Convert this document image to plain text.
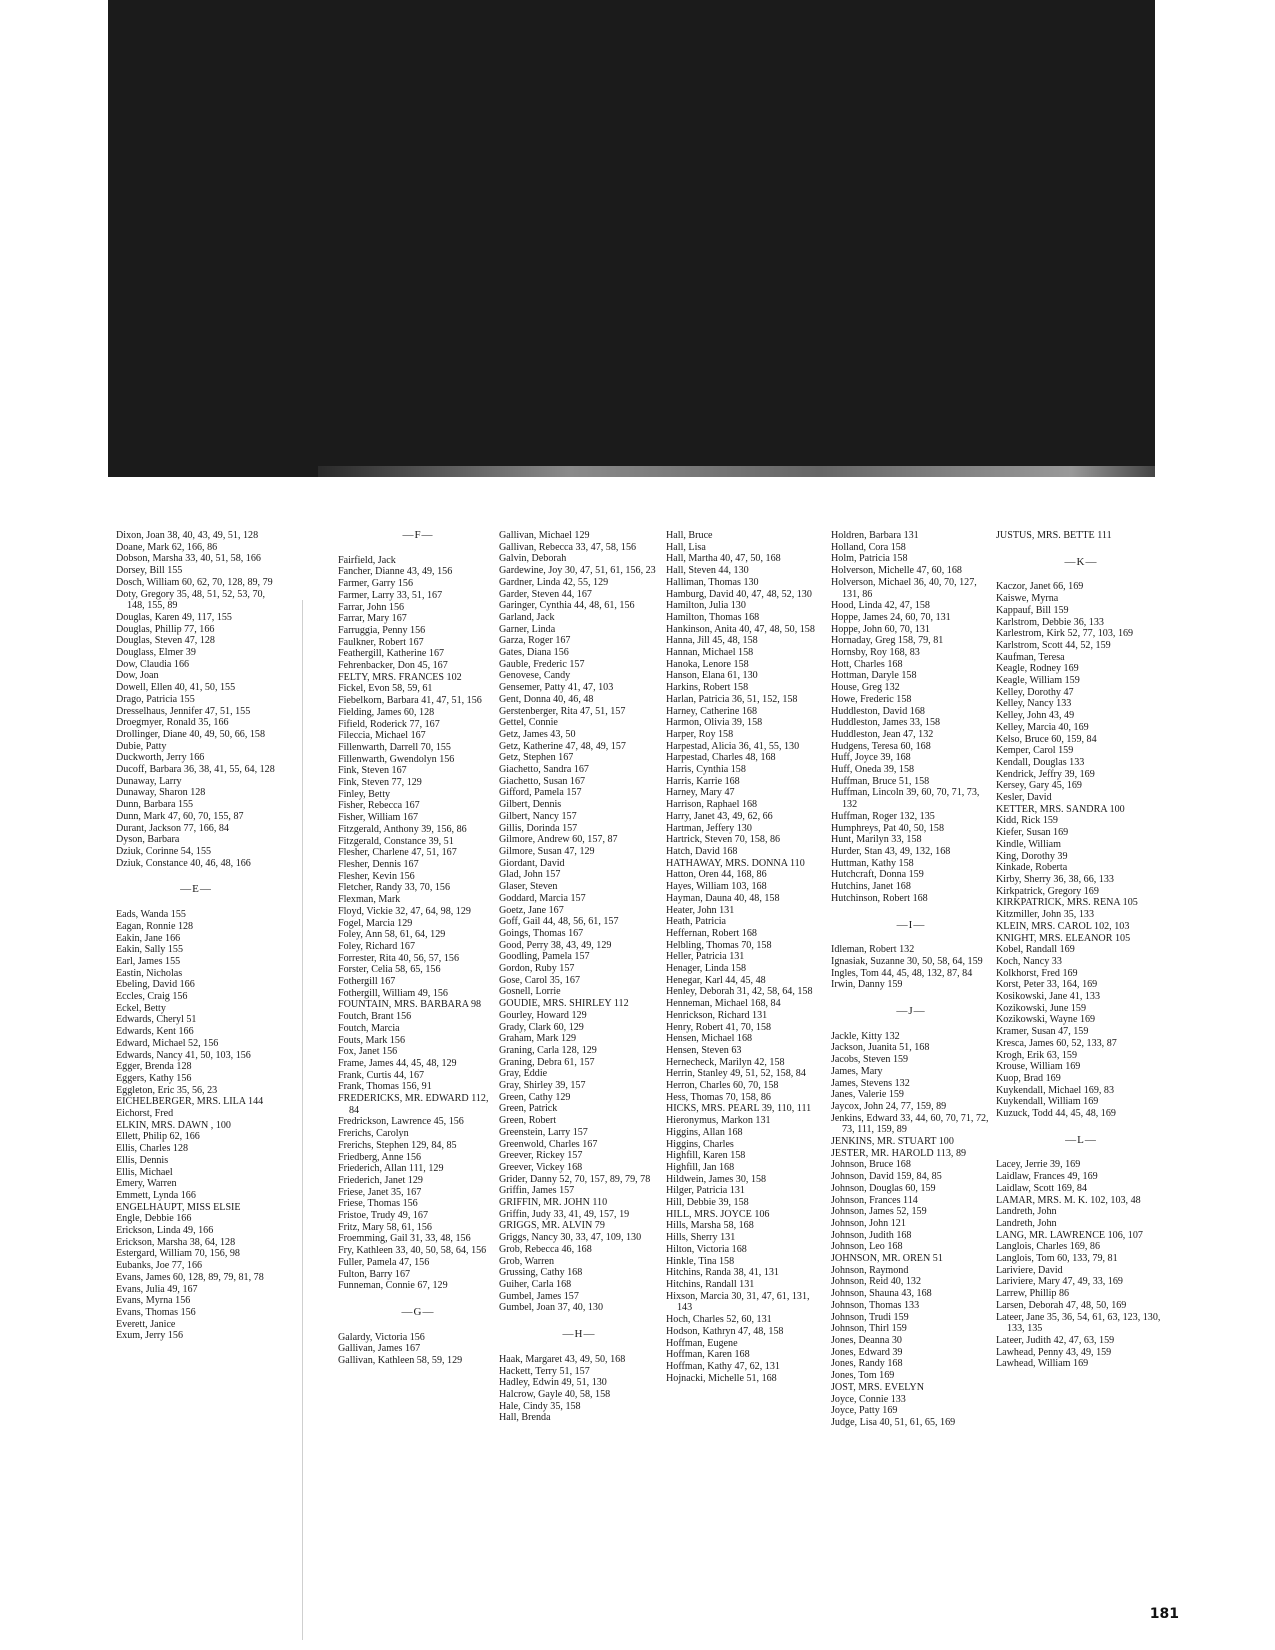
Dixon, Joan 38, 40, 43, 49, 51, 128
Doane, Mark 62, 166, 86
Dobson, Marsha 33, 40, 51, 58, 166
Dorsey, Bill 155
Dosch, William 60, 62, 70, 128, 89, 79
Doty, Gregory 35, 48, 51, 52, 53, 70, 148, 155, 89
Douglas, Karen 49, 117, 155
Douglas, Phillip 77, 166
Douglas, Steven 47, 128
Douglass, Elmer 39
Dow, Claudia 166
Dow, Joan
Dowell, Ellen 40, 41, 50, 155
Drago, Patricia 155
Dresselhaus, Jennifer 47, 51, 155
Droegmyer, Ronald 35, 166
Drollinger, Diane 40, 49, 50, 66, 158
Dubie, Patty
Duckworth, Jerry 166
Ducoff, Barbara 36, 38, 41, 55, 64, 128
Dunaway, Larry
Dunaway, Sharon 128
Dunn, Barbara 155
Dunn, Mark 47, 60, 70, 155, 87
Durant, Jackson 77, 166, 84
Dyson, Barbara
Dziuk, Corinne 54, 155
Dziuk, Constance 40, 46, 48, 166
—E—
Eads, Wanda 155
Eagan, Ronnie 128
Eakin, Jane 166
Eakin, Sally 155
Earl, James 155
Eastin, Nicholas
Ebeling, David 166
Eccles, Craig 156
Eckel, Betty
Edwards, Cheryl 51
Edwards, Kent 166
Edward, Michael 52, 156
Edwards, Nancy 41, 50, 103, 156
Egger, Brenda 128
Eggers, Kathy 156
Eggleton, Eric 35, 56, 23
EICHELBERGER, MRS. LILA 144
Eichorst, Fred
ELKIN, MRS. DAWN , 100
Ellett, Philip 62, 166
Ellis, Charles 128
Ellis, Dennis
Ellis, Michael
Emery, Warren
Emmett, Lynda 166
ENGELHAUPT, MISS ELSIE
Engle, Debbie 166
Erickson, Linda 49, 166
Erickson, Marsha 38, 64, 128
Estergard, William 70, 156, 98
Eubanks, Joe 77, 166
Evans, James 60, 128, 89, 79, 81, 78
Evans, Julia 49, 167
Evans, Myrna 156
Evans, Thomas 156
Everett, Janice
Exum, Jerry 156
—F—
Fairfield, Jack
Fancher, Dianne 43, 49, 156
Farmer, Garry 156
Farmer, Larry 33, 51, 167
Farrar, John 156
Farrar, Mary 167
Farruggia, Penny 156
Faulkner, Robert 167
Feathergill, Katherine 167
Fehrenbacker, Don 45, 167
FELTY, MRS. FRANCES 102
Fickel, Evon 58, 59, 61
Fiebelkorn, Barbara 41, 47, 51, 156
Fielding, James 60, 128
Fifield, Roderick 77, 167
Fileccia, Michael 167
Fillenwarth, Darrell 70, 155
Fillenwarth, Gwendolyn 156
Fink, Steven 167
Fink, Steven 77, 129
Finley, Betty
Fisher, Rebecca 167
Fisher, William 167
Fitzgerald, Anthony 39, 156, 86
Fitzgerald, Constance 39, 51
Flesher, Charlene 47, 51, 167
Flesher, Dennis 167
Flesher, Kevin 156
Fletcher, Randy 33, 70, 156
Flexman, Mark
Floyd, Vickie 32, 47, 64, 98, 129
Fogel, Marcia 129
Foley, Ann 58, 61, 64, 129
Foley, Richard 167
Forrester, Rita 40, 56, 57, 156
Forster, Celia 58, 65, 156
Fothergill 167
Fothergill, William 49, 156
FOUNTAIN, MRS. BARBARA 98
Foutch, Brant 156
Foutch, Marcia
Fouts, Mark 156
Fox, Janet 156
Frame, James 44, 45, 48, 129
Frank, Curtis 44, 167
Frank, Thomas 156, 91
FREDERICKS, MR. EDWARD 112, 84
Fredrickson, Lawrence 45, 156
Frerichs, Carolyn
Frerichs, Stephen 129, 84, 85
Friedberg, Anne 156
Friederich, Allan 111, 129
Friederich, Janet 129
Friese, Janet 35, 167
Friese, Thomas 156
Fristoe, Trudy 49, 167
Fritz, Mary 58, 61, 156
Froemming, Gail 31, 33, 48, 156
Fry, Kathleen 33, 40, 50, 58, 64, 156
Fuller, Pamela 47, 156
Fulton, Barry 167
Funneman, Connie 67, 129
—G—
Galardy, Victoria 156
Gallivan, James 167
Gallivan, Kathleen 58, 59, 129
Gallivan, Michael 129
Gallivan, Rebecca 33, 47, 58, 156
Galvin, Deborah
Gardewine, Joy 30, 47, 51, 61, 156, 23
Gardner, Linda 42, 55, 129
Garder, Steven 44, 167
Garinger, Cynthia 44, 48, 61, 156
Garland, Jack
Garner, Linda
Garza, Roger 167
Gates, Diana 156
Gauble, Frederic 157
Genovese, Candy
Gensemer, Patty 41, 47, 103
Gent, Donna 40, 46, 48
Gerstenberger, Rita 47, 51, 157
Gettel, Connie
Getz, James 43, 50
Getz, Katherine 47, 48, 49, 157
Getz, Stephen 167
Giachetto, Sandra 167
Giachetto, Susan 167
Gifford, Pamela 157
Gilbert, Dennis
Gilbert, Nancy 157
Gillis, Dorinda 157
Gilmore, Andrew 60, 157, 87
Gilmore, Susan 47, 129
Giordant, David
Glad, John 157
Glaser, Steven
Goddard, Marcia 157
Goetz, Jane 167
Goff, Gail 44, 48, 56, 61, 157
Goings, Thomas 167
Good, Perry 38, 43, 49, 129
Goodling, Pamela 157
Gordon, Ruby 157
Gose, Carol 35, 167
Gosnell, Lorrie
GOUDIE, MRS. SHIRLEY 112
Gourley, Howard 129
Grady, Clark 60, 129
Graham, Mark 129
Graning, Carla 128, 129
Graning, Debra 61, 157
Gray, Eddie
Gray, Shirley 39, 157
Green, Cathy 129
Green, Patrick
Green, Robert
Greenstein, Larry 157
Greenwold, Charles 167
Greever, Rickey 157
Greever, Vickey 168
Grider, Danny 52, 70, 157, 89, 79, 78
Griffin, James 157
GRIFFIN, MR. JOHN 110
Griffin, Judy 33, 41, 49, 157, 19
GRIGGS, MR. ALVIN 79
Griggs, Nancy 30, 33, 47, 109, 130
Grob, Rebecca 46, 168
Grob, Warren
Grussing, Cathy 168
Guiher, Carla 168
Gumbel, James 157
Gumbel, Joan 37, 40, 130
—H—
Haak, Margaret 43, 49, 50, 168
Hackett, Terry 51, 157
Hadley, Edwin 49, 51, 130
Halcrow, Gayle 40, 58, 158
Hale, Cindy 35, 158
Hall, Brenda
Hall, Bruce
Hall, Lisa
Hall, Martha 40, 47, 50, 168
Hall, Steven 44, 130
Halliman, Thomas 130
Hamburg, David 40, 47, 48, 52, 130
Hamilton, Julia 130
Hamilton, Thomas 168
Hankinson, Anita 40, 47, 48, 50, 158
Hanna, Jill 45, 48, 158
Hannan, Michael 158
Hanoka, Lenore 158
Hanson, Elana 61, 130
Harkins, Robert 158
Harlan, Patricia 36, 51, 152, 158
Harney, Catherine 168
Harmon, Olivia 39, 158
Harper, Roy 158
Harpestad, Alicia 36, 41, 55, 130
Harpestad, Charles 48, 168
Harris, Cynthia 158
Harris, Karrie 168
Harney, Mary 47
Harrison, Raphael 168
Harry, Janet 43, 49, 62, 66
Hartman, Jeffery 130
Hartrick, Steven 70, 158, 86
Hatch, David 168
HATHAWAY, MRS. DONNA 110
Hatton, Oren 44, 168, 86
Hayes, William 103, 168
Hayman, Dauna 40, 48, 158
Heater, John 131
Heath, Patricia
Heffernan, Robert 168
Helbling, Thomas 70, 158
Heller, Patricia 131
Henager, Linda 158
Henegar, Karl 44, 45, 48
Henley, Deborah 31, 42, 58, 64, 158
Henneman, Michael 168, 84
Henrickson, Richard 131
Henry, Robert 41, 70, 158
Hensen, Michael 168
Hensen, Steven 63
Hernecheck, Marilyn 42, 158
Herrin, Stanley 49, 51, 52, 158, 84
Herron, Charles 60, 70, 158
Hess, Thomas 70, 158, 86
HICKS, MRS. PEARL 39, 110, 111
Hieronymus, Markon 131
Higgins, Allan 168
Higgins, Charles
Highfill, Karen 158
Highfill, Jan 168
Hildwein, James 30, 158
Hilger, Patricia 131
Hill, Debbie 39, 158
HILL, MRS. JOYCE 106
Hills, Marsha 58, 168
Hills, Sherry 131
Hilton, Victoria 168
Hinkle, Tina 158
Hitchins, Randa 38, 41, 131
Hitchins, Randall 131
Hixson, Marcia 30, 31, 47, 61, 131, 143
Hoch, Charles 52, 60, 131
Hodson, Kathryn 47, 48, 158
Hoffman, Eugene
Hoffman, Karen 168
Hoffman, Kathy 47, 62, 131
Hojnacki, Michelle 51, 168
Holdren, Barbara 131
Holland, Cora 158
Holm, Patricia 158
Holverson, Michelle 47, 60, 168
Holverson, Michael 36, 40, 70, 127, 131, 86
Hood, Linda 42, 47, 158
Hoppe, James 24, 60, 70, 131
Hoppe, John 60, 70, 131
Hornaday, Greg 158, 79, 81
Hornsby, Roy 168, 83
Hott, Charles 168
Hottman, Daryle 158
House, Greg 132
Howe, Frederic 158
Huddleston, David 168
Huddleston, James 33, 158
Huddleston, Jean 47, 132
Hudgens, Teresa 60, 168
Huff, Joyce 39, 168
Huff, Oneda 39, 158
Huffman, Bruce 51, 158
Huffman, Lincoln 39, 60, 70, 71, 73, 132
Huffman, Roger 132, 135
Humphreys, Pat 40, 50, 158
Hunt, Marilyn 33, 158
Hurder, Stan 43, 49, 132, 168
Huttman, Kathy 158
Hutchcraft, Donna 159
Hutchins, Janet 168
Hutchinson, Robert 168
—I—
Idleman, Robert 132
Ignasiak, Suzanne 30, 50, 58, 64, 159
Ingles, Tom 44, 45, 48, 132, 87, 84
Irwin, Danny 159
—J—
Jackle, Kitty 132
Jackson, Juanita 51, 168
Jacobs, Steven 159
James, Mary
James, Stevens 132
Janes, Valerie 159
Jaycox, John 24, 77, 159, 89
Jenkins, Edward 33, 44, 60, 70, 71, 72, 73, 111, 159, 89
JENKINS, MR. STUART 100
JESTER, MR. HAROLD 113, 89
Johnson, Bruce 168
Johnson, David 159, 84, 85
Johnson, Douglas 60, 159
Johnson, Frances 114
Johnson, James 52, 159
Johnson, John 121
Johnson, Judith 168
Johnson, Leo 168
JOHNSON, MR. OREN 51
Johnson, Raymond
Johnson, Reid 40, 132
Johnson, Shauna 43, 168
Johnson, Thomas 133
Johnson, Trudi 159
Johnson, Thirl 159
Jones, Deanna 30
Jones, Edward 39
Jones, Randy 168
Jones, Tom 169
JOST, MRS. EVELYN
Joyce, Connie 133
Joyce, Patty 169
Judge, Lisa 40, 51, 61, 65, 169
JUSTUS, MRS. BETTE 111
—K—
Kaczor, Janet 66, 169
Kaiswe, Myrna
Kappauf, Bill 159
Karlstrom, Debbie 36, 133
Karlestrom, Kirk 52, 77, 103, 169
Karlstrom, Scott 44, 52, 159
Kaufman, Teresa
Keagle, Rodney 169
Keagle, William 159
Kelley, Dorothy 47
Kelley, Nancy 133
Kelley, John 43, 49
Kelley, Marcia 40, 169
Kelso, Bruce 60, 159, 84
Kemper, Carol 159
Kendall, Douglas 133
Kendrick, Jeffry 39, 169
Kersey, Gary 45, 169
Kesler, David
KETTER, MRS. SANDRA 100
Kidd, Rick 159
Kiefer, Susan 169
Kindle, William
King, Dorothy 39
Kinkade, Roberta
Kirby, Sherry 36, 38, 66, 133
Kirkpatrick, Gregory 169
KIRKPATRICK, MRS. RENA 105
Kitzmiller, John 35, 133
KLEIN, MRS. CAROL 102, 103
KNIGHT, MRS. ELEANOR 105
Kobel, Randall 169
Koch, Nancy 33
Kolkhorst, Fred 169
Korst, Peter 33, 164, 169
Kosikowski, Jane 41, 133
Kozikowski, June 159
Kozikowski, Wayne 169
Kramer, Susan 47, 159
Kresca, James 60, 52, 133, 87
Krogh, Erik 63, 159
Krouse, William 169
Kuop, Brad 169
Kuykendall, Michael 169, 83
Kuykendall, William 169
Kuzuck, Todd 44, 45, 48, 169
—L—
Lacey, Jerrie 39, 169
Laidlaw, Frances 49, 169
Laidlaw, Scott 169, 84
LAMAR, MRS. M. K. 102, 103, 48
Landreth, John
Landreth, John
LANG, MR. LAWRENCE 106, 107
Langlois, Charles 169, 86
Langlois, Tom 60, 133, 79, 81
Lariviere, David
Lariviere, Mary 47, 49, 33, 169
Larrew, Phillip 86
Larsen, Deborah 47, 48, 50, 169
Lateer, Jane 35, 36, 54, 61, 63, 123, 130, 133, 135
Lateer, Judith 42, 47, 63, 159
Lawhead, Penny 43, 49, 159
Lawhead, William 169
181
